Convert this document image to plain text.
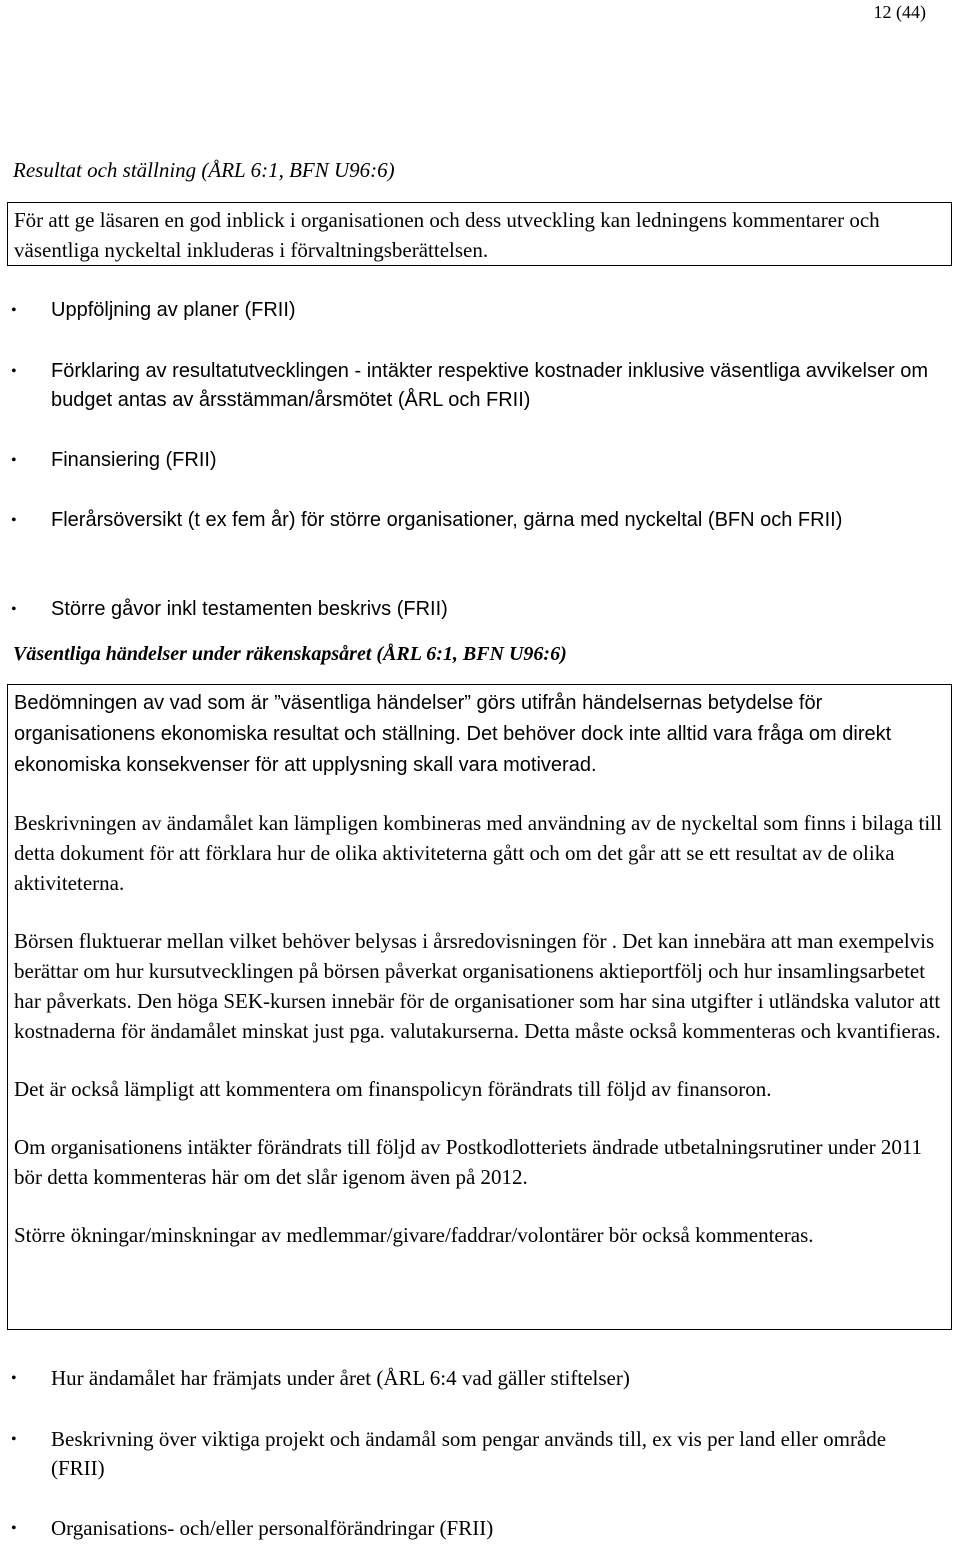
12 (44)
Resultat och ställning (ÅRL 6:1, BFN U96:6)

För att ge läsaren en god inblick i organisationen och dess utveckling kan ledningens kommentarer och väsentliga nyckeltal inkluderas i förvaltningsberättelsen.

• Uppföljning av planer (FRII)
• Förklaring av resultatutvecklingen - intäkter respektive kostnader inklusive väsentliga avvikelser om budget antas av årsstämman/årsmötet (ÅRL och FRII)
• Finansiering (FRII)
• Flerårsöversikt (t ex fem år) för större organisationer, gärna med nyckeltal (BFN och FRII)
• Större gåvor inkl testamenten beskrivs (FRII)
Väsentliga händelser under räkenskapsåret (ÅRL 6:1, BFN U96:6)

Bedömningen av vad som är ”väsentliga händelser” görs utifrån händelsernas betydelse för organisationens ekonomiska resultat och ställning. Det behöver dock inte alltid vara fråga om direkt ekonomiska konsekvenser för att upplysning skall vara motiverad.

Beskrivningen av ändamålet kan lämpligen kombineras med användning av de nyckeltal som finns i bilaga till detta dokument för att förklara hur de olika aktiviteterna gått och om det går att se ett resultat av de olika aktiviteterna.

Börsen fluktuerar mellan vilket behöver belysas i årsredovisningen för . Det kan innebära att man exempelvis berättar om hur kursutvecklingen på börsen påverkat organisationens aktieportfölj och hur insamlingsarbetet har påverkats. Den höga SEK-kursen innebär för de organisationer som har sina utgifter i utländska valutor att kostnaderna för ändamålet minskat just pga. valutakurserna. Detta måste också kommenteras och kvantifieras.

Det är också lämpligt att kommentera om finanspolicyn förändrats till följd av finansoron.

Om organisationens intäkter förändrats till följd av Postkodlotteriets ändrade utbetalningsrutiner under 2011 bör detta kommenteras här om det slår igenom även på 2012.

Större ökningar/minskningar av medlemmar/givare/faddrar/volontärer bör också kommenteras.

• Hur ändamålet har främjats under året (ÅRL 6:4 vad gäller stiftelser)
• Beskrivning över viktiga projekt och ändamål som pengar används till, ex vis per land eller område (FRII)
• Organisations- och/eller personalförändringar (FRII)
